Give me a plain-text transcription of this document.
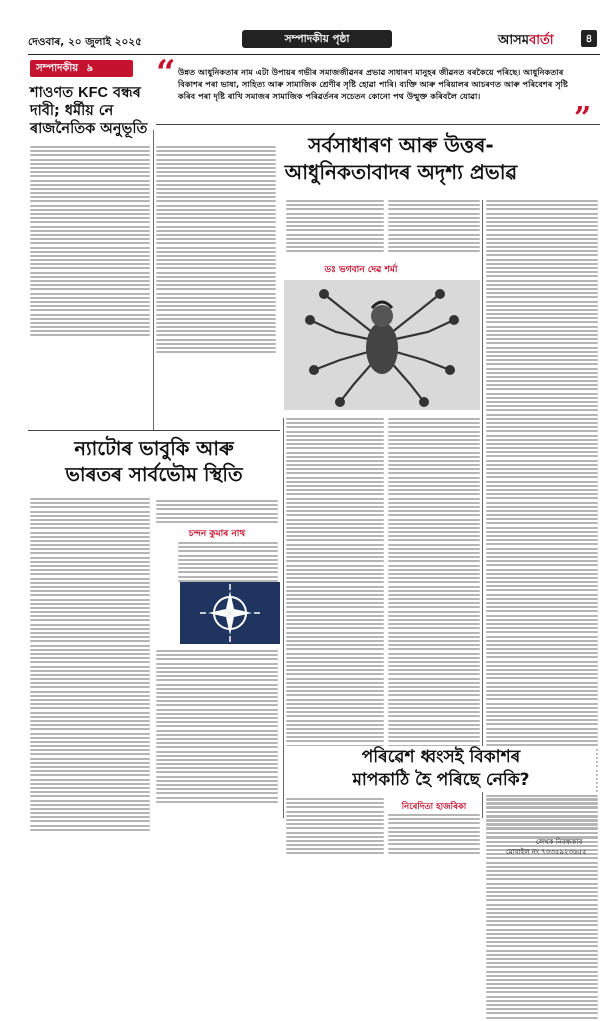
দেওবাৰ, ২০ জুলাই ২০২৫	সম্পাদকীয় পৃষ্ঠা	আসমবার্তা	৪
সম্পাদকীয় ৯
শাওণত KFC বন্ধৰ দাবী; ধৰ্মীয় নে ৰাজনৈতিক অনুভূতি
“ উন্নত আধুনিকতাৰ নাম এটা উপায়ৰ গভীৰ সমাজজীৱনৰ প্ৰভাৱ সাধাৰণ মানুহৰ জীৱনত বৰকৈয়ে পৰিছে। আধুনিকতাৰ বিকাশৰ পৰা ভাষা, সাহিত্য আৰু সামাজিক শ্ৰেণীৰ সৃষ্টি হোৱা পাৰি। ব্যক্তি আৰু পৰিয়ালৰ আচৰণত আৰু পৰিবেশৰ সৃষ্টি কৰিব পৰা দৃষ্টি ৰাখি সমাজৰ সামাজিক পৰিৱৰ্তনৰ সচেতন কোনো পথ উন্মুক্ত কৰিবলৈ যোৱা।
”
সৰ্বসাধাৰণ আৰু উত্তৰ-
আধুনিকতাবাদৰ অদৃশ্য প্ৰভাৱ
ডঃ ভগবান দেৱ শৰ্মা
ন্যাটোৰ ভাবুকি আৰু
ভাৰতৰ সাৰ্বভৌম স্থিতি
চন্দন কুমাৰ নাথ
পৰিৱেশ ধ্বংসই বিকাশৰ
মাপকাঠি হৈ পৰিছে নেকি?
নিৰেদিতা হাজৰিকা
লেখক নিবন্ধকাৰ
মোবাইল নং ৭৩৩৫৯২৩৬৫৫
